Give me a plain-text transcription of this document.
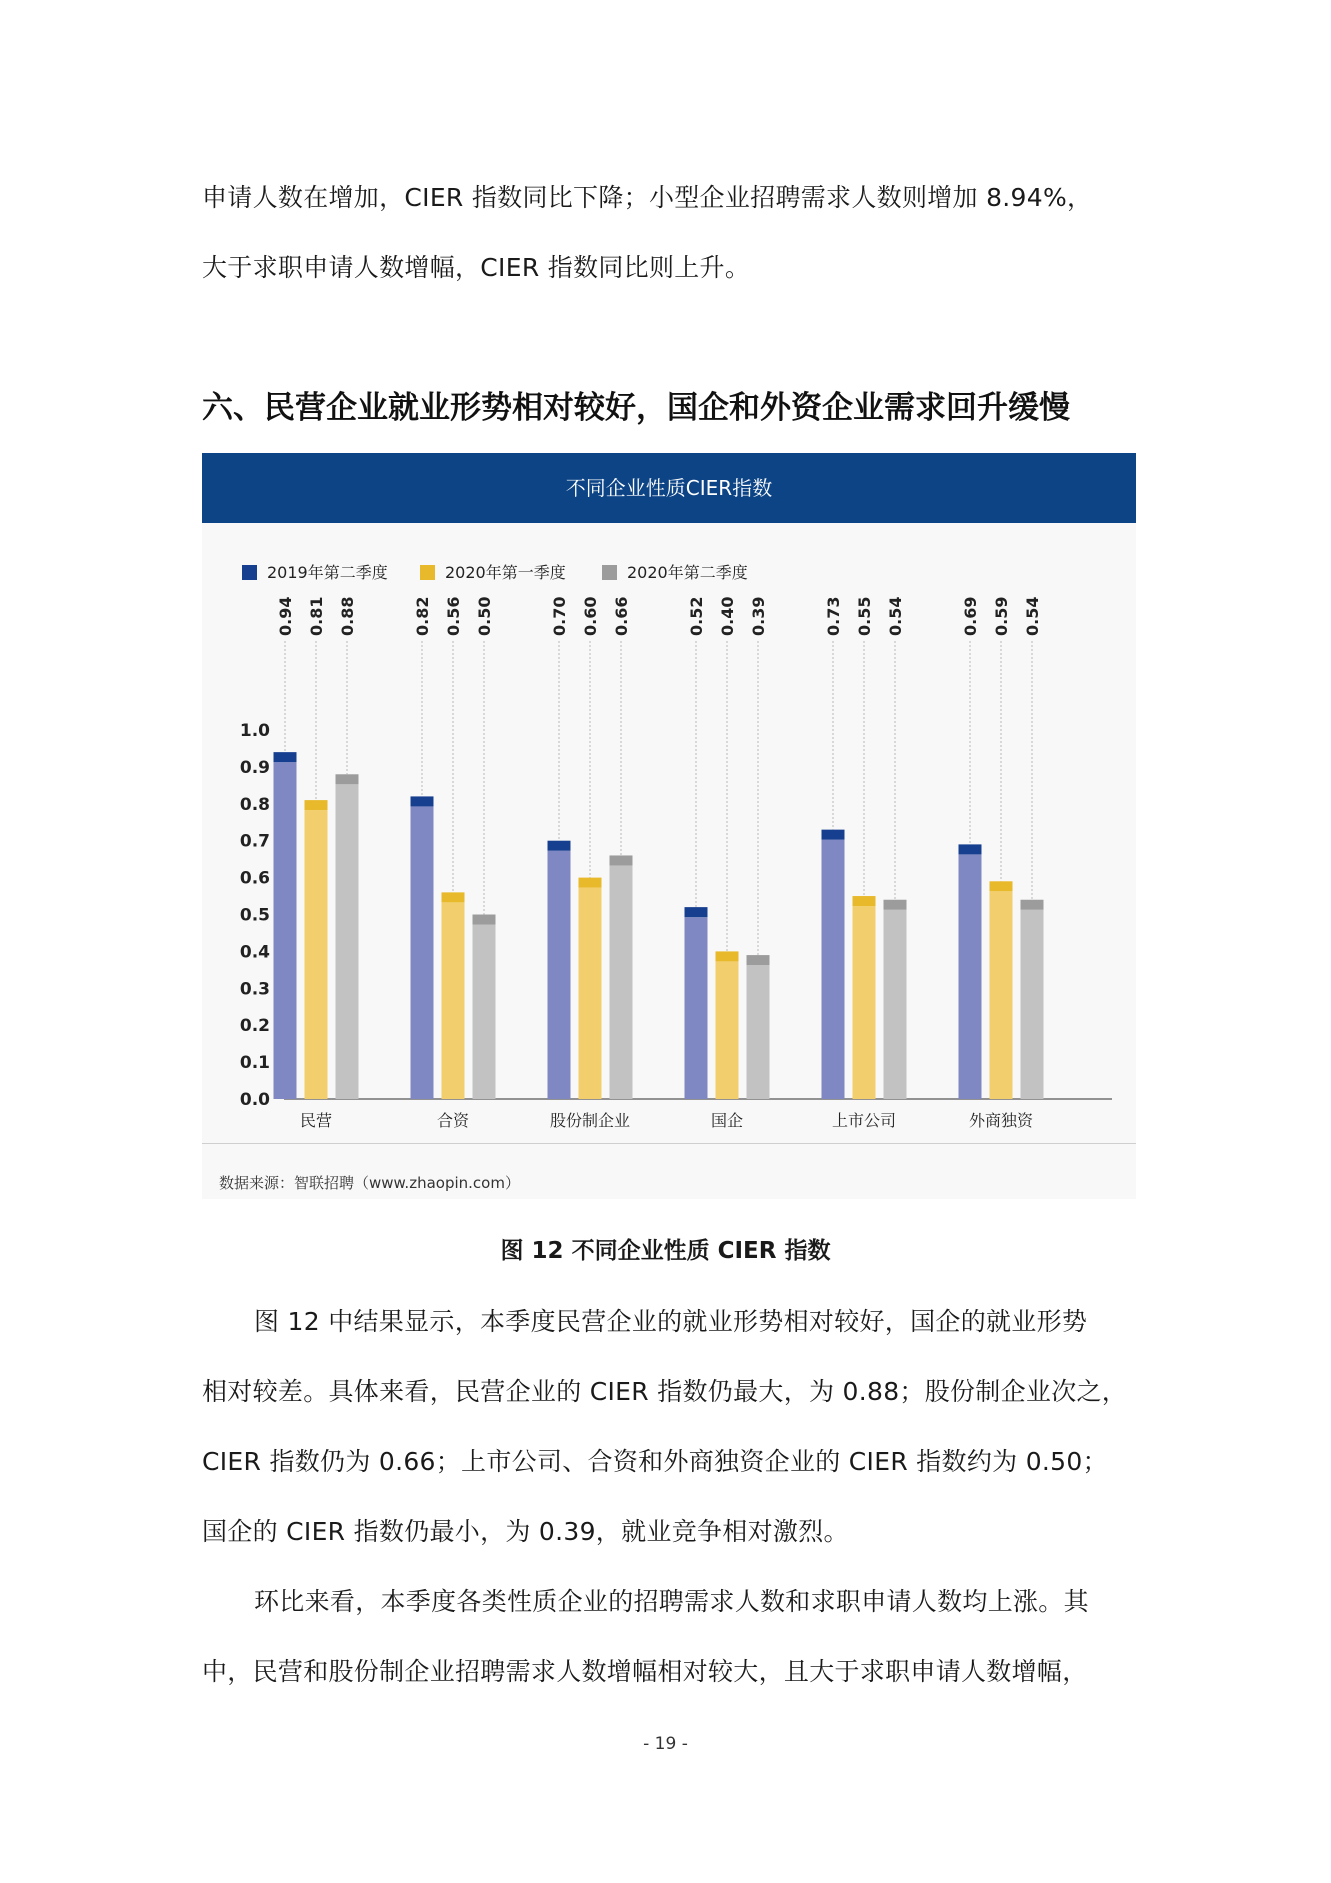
申请人数在增加，CIER 指数同比下降；小型企业招聘需求人数则增加 8.94%，
大于求职申请人数增幅，CIER 指数同比则上升。
六、民营企业就业形势相对较好，国企和外资企业需求回升缓慢
不同企业性质CIER指数
2019年第二季度	2020年第一季度	2020年第二季度
0.0
0.1
0.2
0.3
0.4
0.5
0.6
0.7
0.8
0.9
1.0
0.94 0.81 0.88
民营
0.82 0.56 0.50
合资
0.70 0.60 0.66
股份制企业
0.52 0.40 0.39
国企
0.73 0.55 0.54
上市公司
0.69 0.59 0.54
外商独资
数据来源：智联招聘（www.zhaopin.com）

图 12 不同企业性质 CIER 指数

图 12 中结果显示，本季度民营企业的就业形势相对较好，国企的就业形势
相对较差。具体来看，民营企业的 CIER 指数仍最大，为 0.88；股份制企业次之，
CIER 指数仍为 0.66；上市公司、合资和外商独资企业的 CIER 指数约为 0.50；
国企的 CIER 指数仍最小，为 0.39，就业竞争相对激烈。
环比来看，本季度各类性质企业的招聘需求人数和求职申请人数均上涨。其
中，民营和股份制企业招聘需求人数增幅相对较大，且大于求职申请人数增幅，
- 19 -
